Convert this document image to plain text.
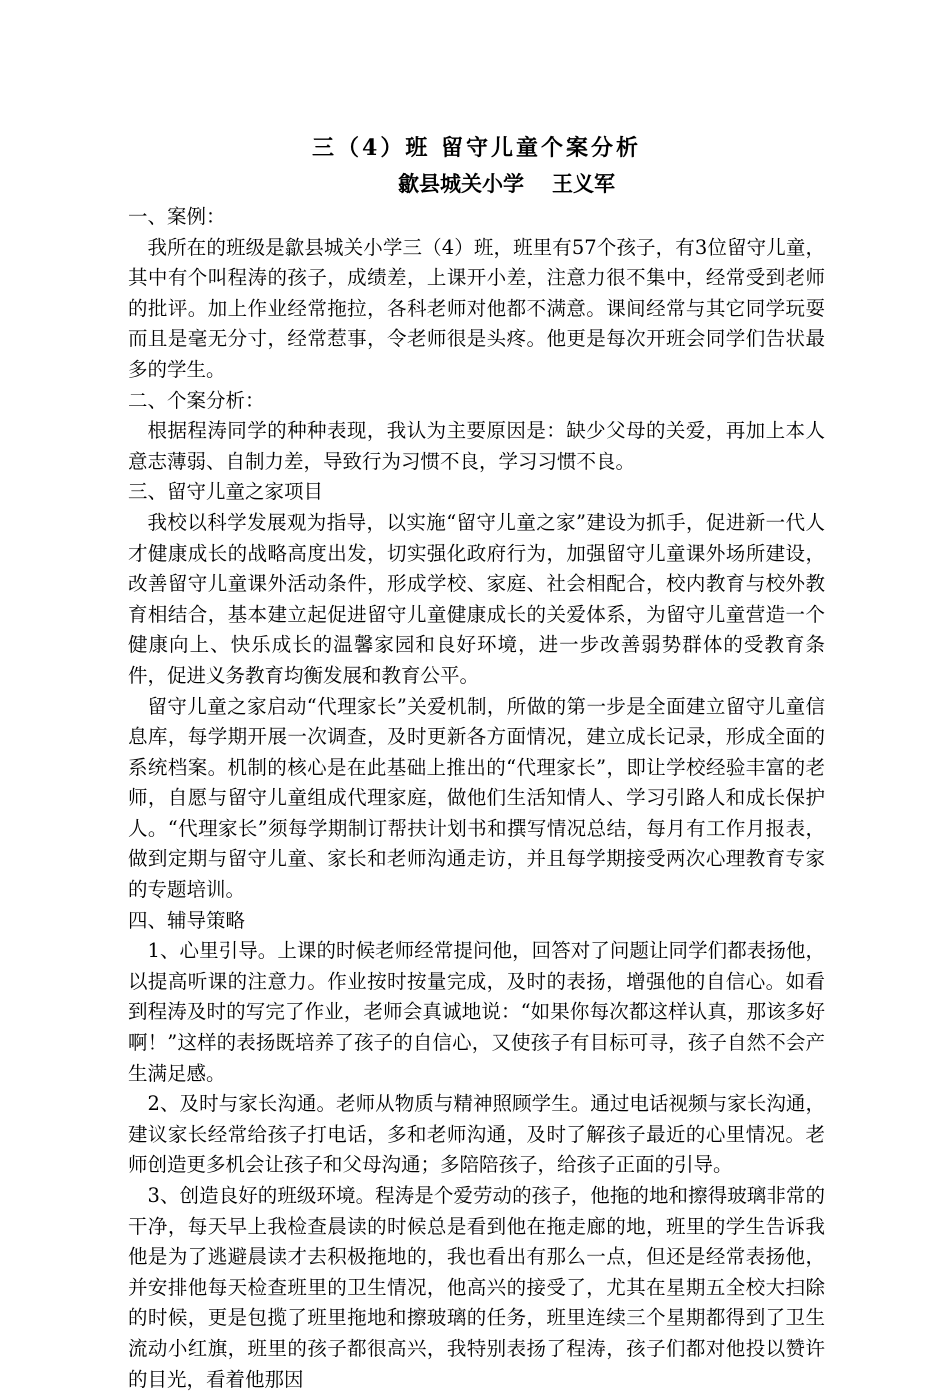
三（4）班 留守儿童个案分析

歙县城关小学 王义军

一、案例：

我所在的班级是歙县城关小学三（4）班，班里有57个孩子，有3位留守儿童，其中有个叫程涛的孩子，成绩差，上课开小差，注意力很不集中，经常受到老师的批评。加上作业经常拖拉，各科老师对他都不满意。课间经常与其它同学玩耍而且是毫无分寸，经常惹事，令老师很是头疼。他更是每次开班会同学们告状最多的学生。

二、个案分析：

根据程涛同学的种种表现，我认为主要原因是：缺少父母的关爱，再加上本人意志薄弱、自制力差，导致行为习惯不良，学习习惯不良。

三、留守儿童之家项目

我校以科学发展观为指导，以实施“留守儿童之家”建设为抓手，促进新一代人才健康成长的战略高度出发，切实强化政府行为，加强留守儿童课外场所建设，改善留守儿童课外活动条件，形成学校、家庭、社会相配合，校内教育与校外教育相结合，基本建立起促进留守儿童健康成长的关爱体系，为留守儿童营造一个健康向上、快乐成长的温馨家园和良好环境，进一步改善弱势群体的受教育条件，促进义务教育均衡发展和教育公平。

留守儿童之家启动“代理家长”关爱机制，所做的第一步是全面建立留守儿童信息库，每学期开展一次调查，及时更新各方面情况，建立成长记录，形成全面的系统档案。机制的核心是在此基础上推出的“代理家长”，即让学校经验丰富的老师，自愿与留守儿童组成代理家庭，做他们生活知情人、学习引路人和成长保护人。“代理家长”须每学期制订帮扶计划书和撰写情况总结，每月有工作月报表，做到定期与留守儿童、家长和老师沟通走访，并且每学期接受两次心理教育专家的专题培训。

四、辅导策略

1、心里引导。上课的时候老师经常提问他，回答对了问题让同学们都表扬他，以提高听课的注意力。作业按时按量完成，及时的表扬，增强他的自信心。如看到程涛及时的写完了作业，老师会真诚地说：“如果你每次都这样认真，那该多好啊！”这样的表扬既培养了孩子的自信心，又使孩子有目标可寻，孩子自然不会产生满足感。

2、及时与家长沟通。老师从物质与精神照顾学生。通过电话视频与家长沟通，建议家长经常给孩子打电话，多和老师沟通，及时了解孩子最近的心里情况。老师创造更多机会让孩子和父母沟通；多陪陪孩子，给孩子正面的引导。

3、创造良好的班级环境。程涛是个爱劳动的孩子，他拖的地和擦得玻璃非常的干净，每天早上我检查晨读的时候总是看到他在拖走廊的地，班里的学生告诉我他是为了逃避晨读才去积极拖地的，我也看出有那么一点，但还是经常表扬他，并安排他每天检查班里的卫生情况，他高兴的接受了，尤其在星期五全校大扫除的时候，更是包揽了班里拖地和擦玻璃的任务，班里连续三个星期都得到了卫生流动小红旗，班里的孩子都很高兴，我特别表扬了程涛，孩子们都对他投以赞许的目光，看着他那因
